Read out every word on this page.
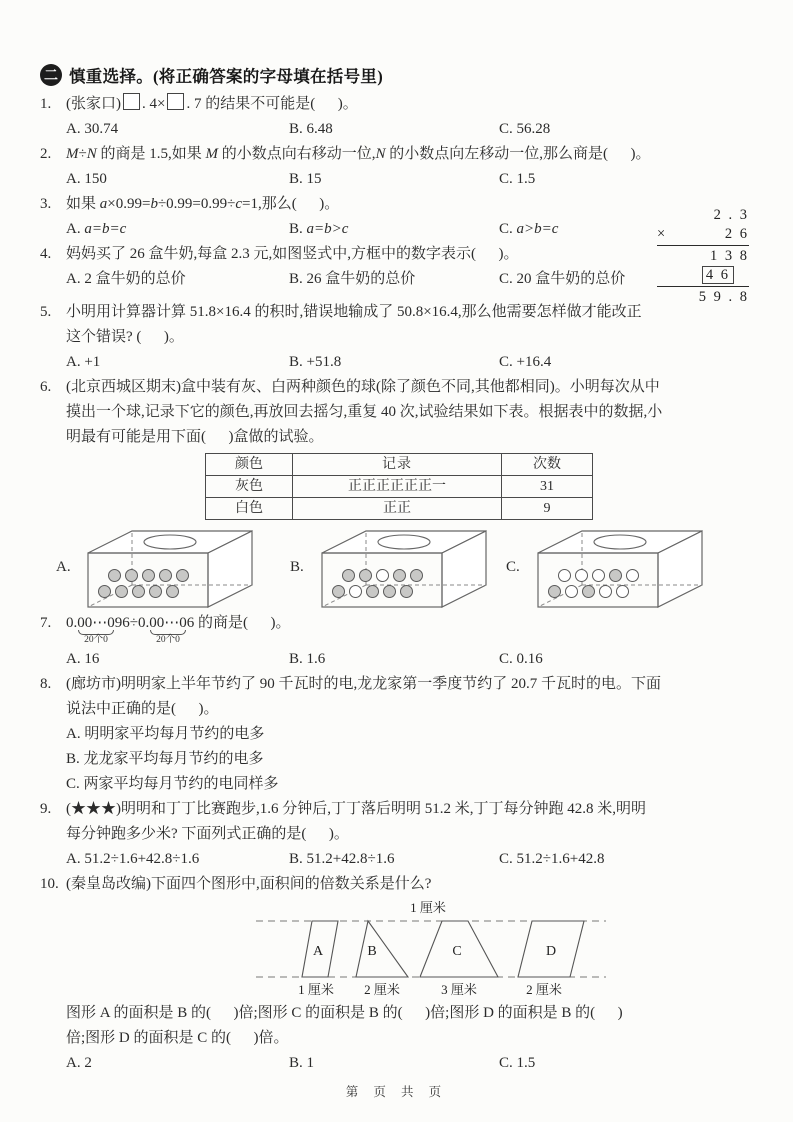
二 慎重选择。(将正确答案的字母填在括号里)
1. (张家口) . 4× . 7 的结果不可能是(      )。
A. 30.74	B. 6.48	C. 56.28
2. M÷N 的商是 1.5,如果 M 的小数点向右移动一位,N 的小数点向左移动一位,那么商是(      )。
A. 150	B. 15	C. 1.5
3. 如果 a×0.99=b÷0.99=0.99÷c=1,那么(      )。
A. a=b=c	B. a=b>c	C. a>b=c
4. 妈妈买了 26 盒牛奶,每盒 2.3 元,如图竖式中,方框中的数字表示(      )。
A. 2 盒牛奶的总价	B. 26 盒牛奶的总价	C. 20 盒牛奶的总价
2 . 3
×	2 6
1 3 8
4 6
5 9 . 8
5. 小明用计算器计算 51.8×16.4 的积时,错误地输成了 50.8×16.4,那么他需要怎样做才能改正
这个错误? (      )。
A. +1	B. +51.8	C. +16.4
6. (北京西城区期末)盒中装有灰、白两种颜色的球(除了颜色不同,其他都相同)。小明每次从中
摸出一个球,记录下它的颜色,再放回去摇匀,重复 40 次,试验结果如下表。根据表中的数据,小
明最有可能是用下面(      )盒做的试验。
颜色	记录	次数
灰色	正正正正正正一	31
白色	正正	9
A.	B.	C.
7. 0. 00⋯0
20个0
96÷0. 00⋯0
20个0
6 的商是(      )。
A. 16	B. 1.6	C. 0.16
8. (廊坊市)明明家上半年节约了 90 千瓦时的电,龙龙家第一季度节约了 20.7 千瓦时的电。下面
说法中正确的是(      )。
A. 明明家平均每月节约的电多
B. 龙龙家平均每月节约的电多
C. 两家平均每月节约的电同样多
9. (★★★)明明和丁丁比赛跑步,1.6 分钟后,丁丁落后明明 51.2 米,丁丁每分钟跑 42.8 米,明明
每分钟跑多少米? 下面列式正确的是(      )。
A. 51.2÷1.6+42.8÷1.6	B. 51.2+42.8÷1.6	C. 51.2÷1.6+42.8
10. (秦皇岛改编)下面四个图形中,面积间的倍数关系是什么?
1 厘米
A	B	C	D
1 厘米 2 厘米	3 厘米	2 厘米
图形 A 的面积是 B 的(      )倍;图形 C 的面积是 B 的(      )倍;图形 D 的面积是 B 的(      )
倍;图形 D 的面积是 C 的(      )倍。
A. 2	B. 1	C. 1.5
第 页 共 页
